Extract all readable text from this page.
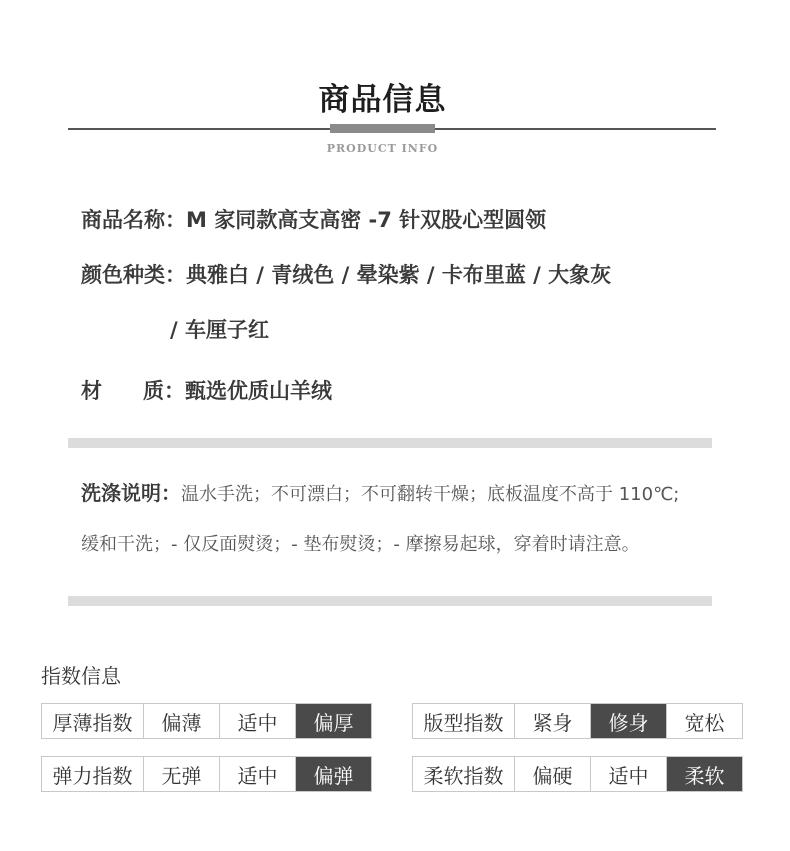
商品信息
PRODUCT INFO
商品名称：M 家同款高支高密 -7 针双股心型圆领
颜色种类：典雅白 / 青绒色 / 晕染紫 / 卡布里蓝 / 大象灰
/ 车厘子红
材 质：甄选优质山羊绒
洗涤说明：温水手洗；不可漂白；不可翻转干燥；底板温度不高于 110℃;
缓和干洗；- 仅反面熨烫；- 垫布熨烫；- 摩擦易起球，穿着时请注意。
指数信息
厚薄指数	偏薄	适中	偏厚	版型指数	紧身	修身	宽松
弹力指数	无弹	适中	偏弹	柔软指数	偏硬	适中	柔软
